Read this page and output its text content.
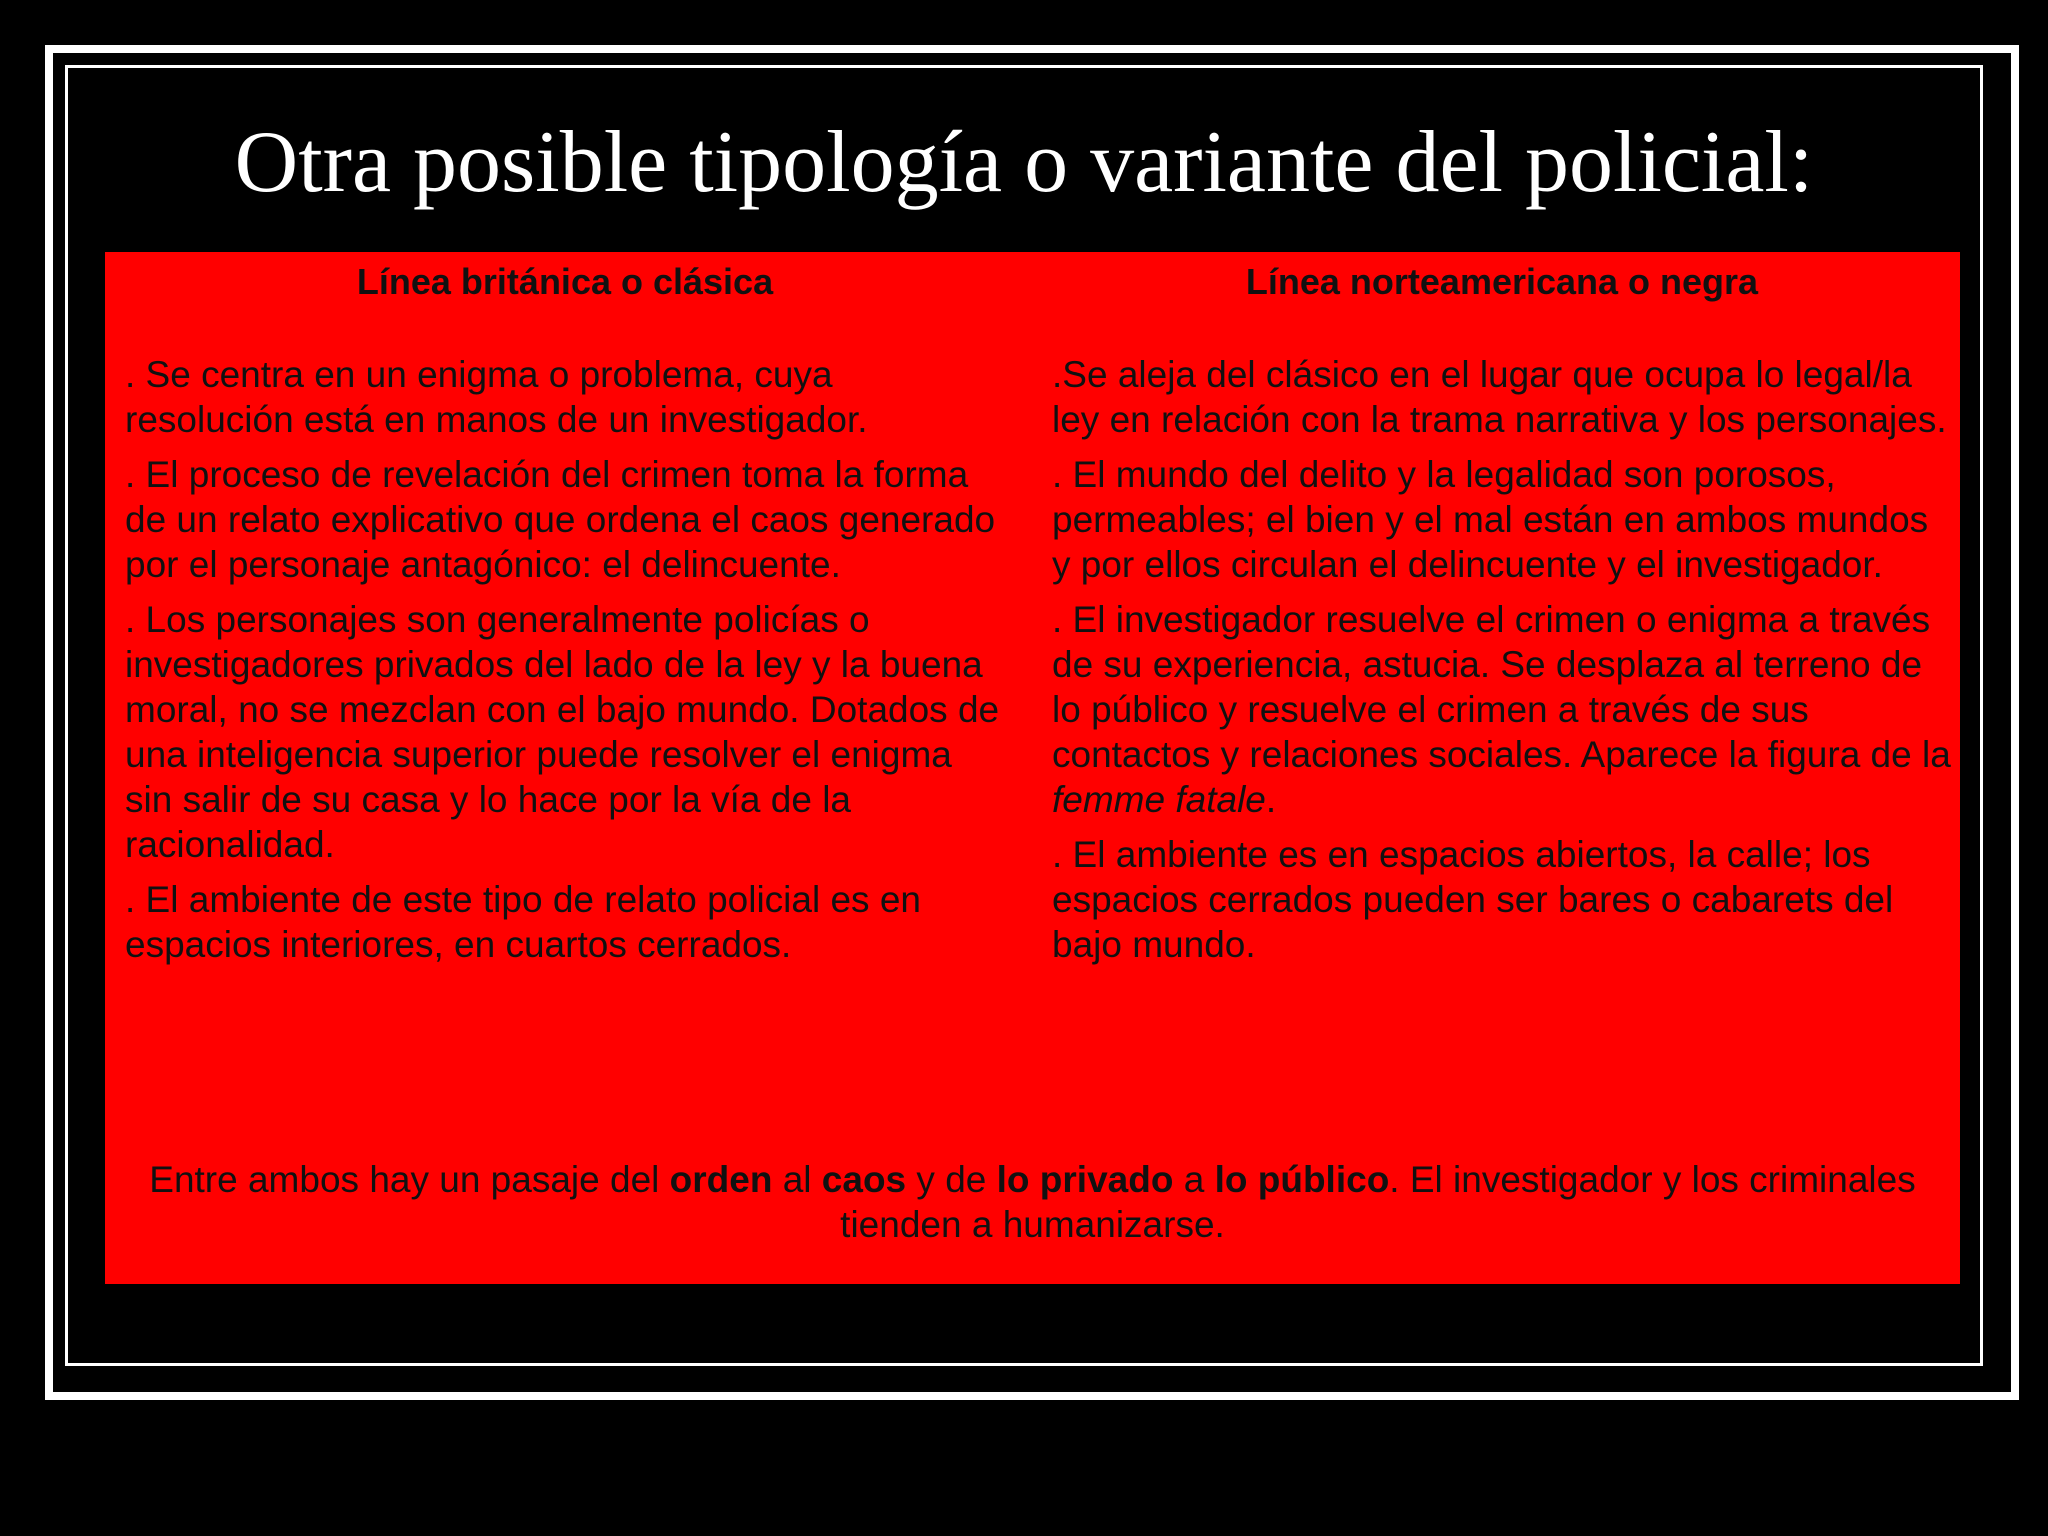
Otra posible tipología o variante del policial:
Línea británica o clásica

. Se centra en un enigma o problema, cuya resolución está en manos de un investigador.

. El proceso de revelación del crimen toma la forma de un relato explicativo que ordena el caos generado por el personaje antagónico: el delincuente.

. Los personajes son generalmente policías o investigadores privados del lado de la ley y la buena moral, no se mezclan con el bajo mundo. Dotados de una inteligencia superior puede resolver el enigma sin salir de su casa y lo hace por la vía de la racionalidad.

. El ambiente de este tipo de relato policial es en espacios interiores, en cuartos cerrados.

Línea norteamericana o negra

.Se aleja del clásico en el lugar que ocupa lo legal/la ley en relación con la trama narrativa y los personajes.

. El mundo del delito y la legalidad son porosos, permeables; el bien y el mal están en ambos mundos y por ellos circulan el delincuente y el investigador.

. El investigador resuelve el crimen o enigma a través de su experiencia, astucia. Se desplaza al terreno de lo público y resuelve el crimen a través de sus contactos y relaciones sociales. Aparece la figura de la femme fatale.

. El ambiente es en espacios abiertos, la calle; los espacios cerrados pueden ser bares o cabarets del bajo mundo.

Entre ambos hay un pasaje del orden al caos y de lo privado a lo público. El investigador y los criminales tienden a humanizarse.
